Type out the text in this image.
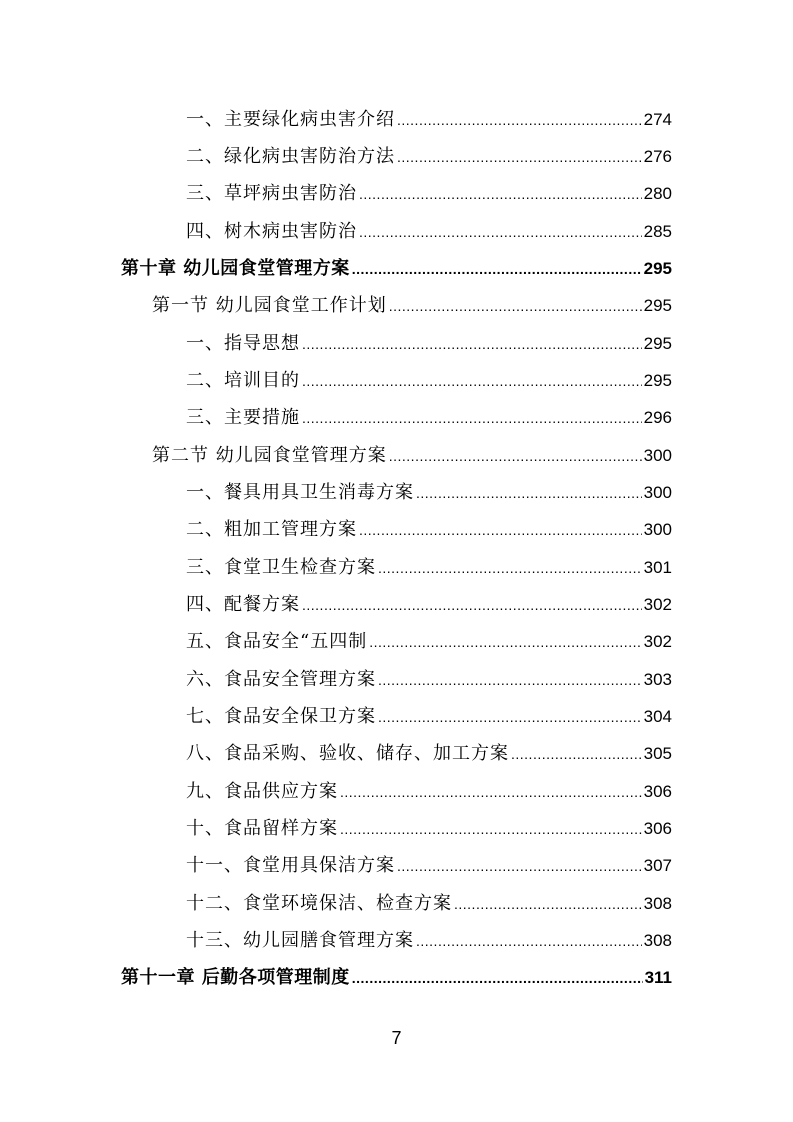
一、主要绿化病虫害介绍 .....	274
二、绿化病虫害防治方法 .....	276
三、草坪病虫害防治 .....	280
四、树木病虫害防治 .....	285
第十章 幼儿园食堂管理方案 .....	295
第一节 幼儿园食堂工作计划 .....	295
一、指导思想 .....	295
二、培训目的 .....	295
三、主要措施 .....	296
第二节 幼儿园食堂管理方案 .....	300
一、餐具用具卫生消毒方案 .....	300
二、粗加工管理方案 .....	300
三、食堂卫生检查方案 .....	301
四、配餐方案 .....	302
五、食品安全“五四制 .....	302
六、食品安全管理方案 .....	303
七、食品安全保卫方案 .....	304
八、食品采购、验收、储存、加工方案 .....	305
九、食品供应方案 .....	306
十、食品留样方案 .....	306
十一、食堂用具保洁方案 .....	307
十二、食堂环境保洁、检查方案 .....	308
十三、幼儿园膳食管理方案 .....	308
第十一章 后勤各项管理制度 .....	311
7
